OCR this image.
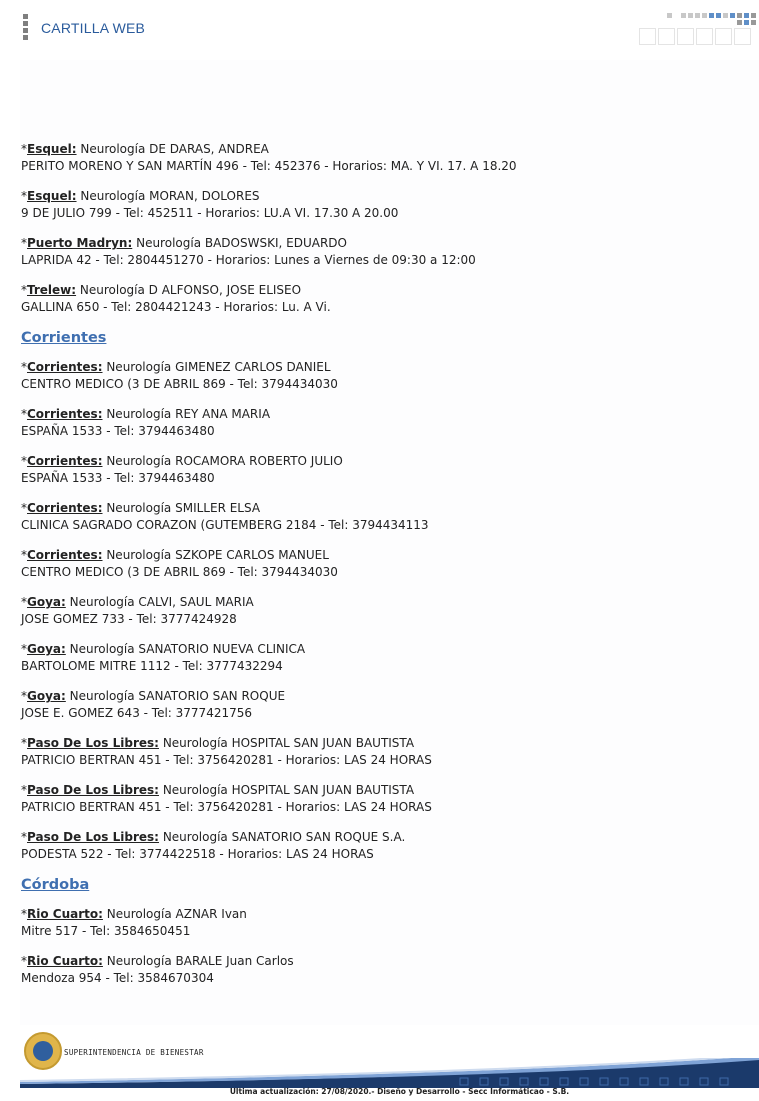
CARTILLA WEB
*Esquel: Neurología DE DARAS, ANDREA
PERITO MORENO Y SAN MARTÍN 496 - Tel: 452376 - Horarios: MA. Y VI. 17. A 18.20
*Esquel: Neurología MORAN, DOLORES
9 DE JULIO 799 - Tel: 452511 - Horarios: LU.A VI. 17.30 A 20.00
*Puerto Madryn: Neurología BADOSWSKI, EDUARDO
LAPRIDA 42 - Tel: 2804451270 - Horarios: Lunes a Viernes de 09:30 a 12:00
*Trelew: Neurología D ALFONSO, JOSE ELISEO
GALLINA 650 - Tel: 2804421243 - Horarios: Lu. A Vi.
Corrientes
*Corrientes: Neurología GIMENEZ CARLOS DANIEL
CENTRO MEDICO (3 DE ABRIL 869 - Tel: 3794434030
*Corrientes: Neurología REY ANA MARIA
ESPAÑA 1533 - Tel: 3794463480
*Corrientes: Neurología ROCAMORA ROBERTO JULIO
ESPAÑA 1533 - Tel: 3794463480
*Corrientes: Neurología SMILLER ELSA
CLINICA SAGRADO CORAZON (GUTEMBERG 2184 - Tel: 3794434113
*Corrientes: Neurología SZKOPE CARLOS MANUEL
CENTRO MEDICO (3 DE ABRIL 869 - Tel: 3794434030
*Goya: Neurología CALVI, SAUL MARIA
JOSE GOMEZ 733 - Tel: 3777424928
*Goya: Neurología SANATORIO NUEVA CLINICA
BARTOLOME MITRE 1112 - Tel: 3777432294
*Goya: Neurología SANATORIO SAN ROQUE
JOSE E. GOMEZ 643 - Tel: 3777421756
*Paso De Los Libres: Neurología HOSPITAL SAN JUAN BAUTISTA
PATRICIO BERTRAN 451 - Tel: 3756420281 - Horarios: LAS 24 HORAS
*Paso De Los Libres: Neurología HOSPITAL SAN JUAN BAUTISTA
PATRICIO BERTRAN 451 - Tel: 3756420281 - Horarios: LAS 24 HORAS
*Paso De Los Libres: Neurología SANATORIO SAN ROQUE S.A.
PODESTA 522 - Tel: 3774422518 - Horarios: LAS 24 HORAS
Córdoba
*Rio Cuarto: Neurología AZNAR Ivan
Mitre 517 - Tel: 3584650451
*Rio Cuarto: Neurología BARALE Juan Carlos
Mendoza 954 - Tel: 3584670304
SUPERINTENDENCIA DE BIENESTAR
Ultima actualización: 27/08/2020.- Diseño y Desarrollo - Secc Informáticao - S.B.
